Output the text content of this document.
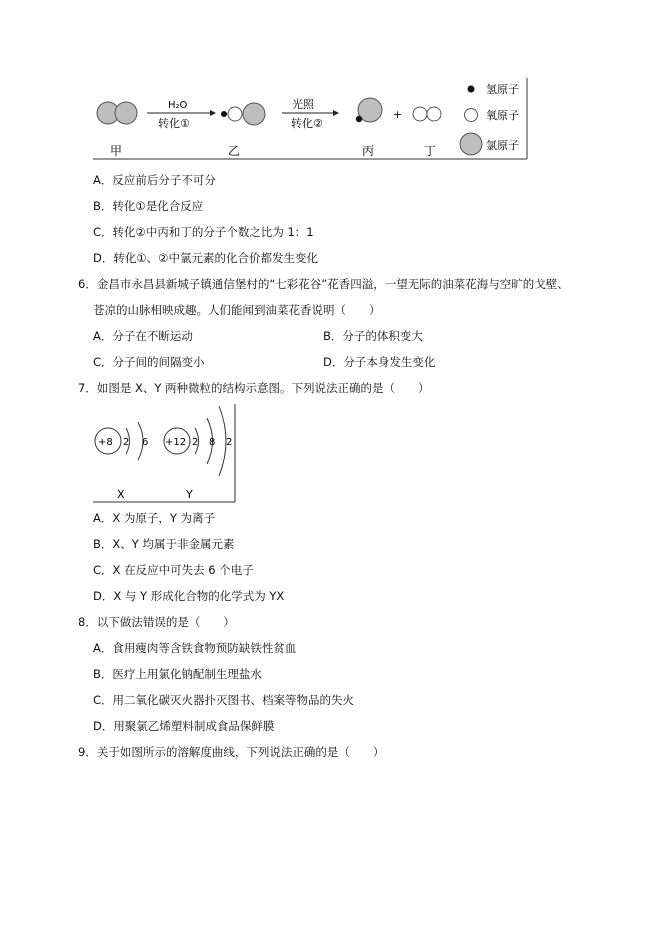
甲
H₂O
转化①
乙
光照
转化②
丙
+
丁
氢原子
氧原子
氯原子
A．反应前后分子不可分
B．转化①是化合反应
C．转化②中丙和丁的分子个数之比为 1：1
D．转化①、②中氯元素的化合价都发生变化
6．金昌市永昌县新城子镇通信堡村的“七彩花谷”花香四溢，一望无际的油菜花海与空旷的戈壁、
苍凉的山脉相映成趣。人们能闻到油菜花香说明（　　）
A．分子在不断运动	B．分子的体积变大
C．分子间的间隔变小	D．分子本身发生变化
7．如图是 X、Y 两种微粒的结构示意图。下列说法正确的是（　　）
+8 2 6
X
+12 2 8 2
Y
A．X 为原子，Y 为离子
B．X、Y 均属于非金属元素
C．X 在反应中可失去 6 个电子
D．X 与 Y 形成化合物的化学式为 YX
8．以下做法错误的是（　　）
A．食用瘦肉等含铁食物预防缺铁性贫血
B．医疗上用氯化钠配制生理盐水
C．用二氧化碳灭火器扑灭图书、档案等物品的失火
D．用聚氯乙烯塑料制成食品保鲜膜
9．关于如图所示的溶解度曲线，下列说法正确的是（　　）
